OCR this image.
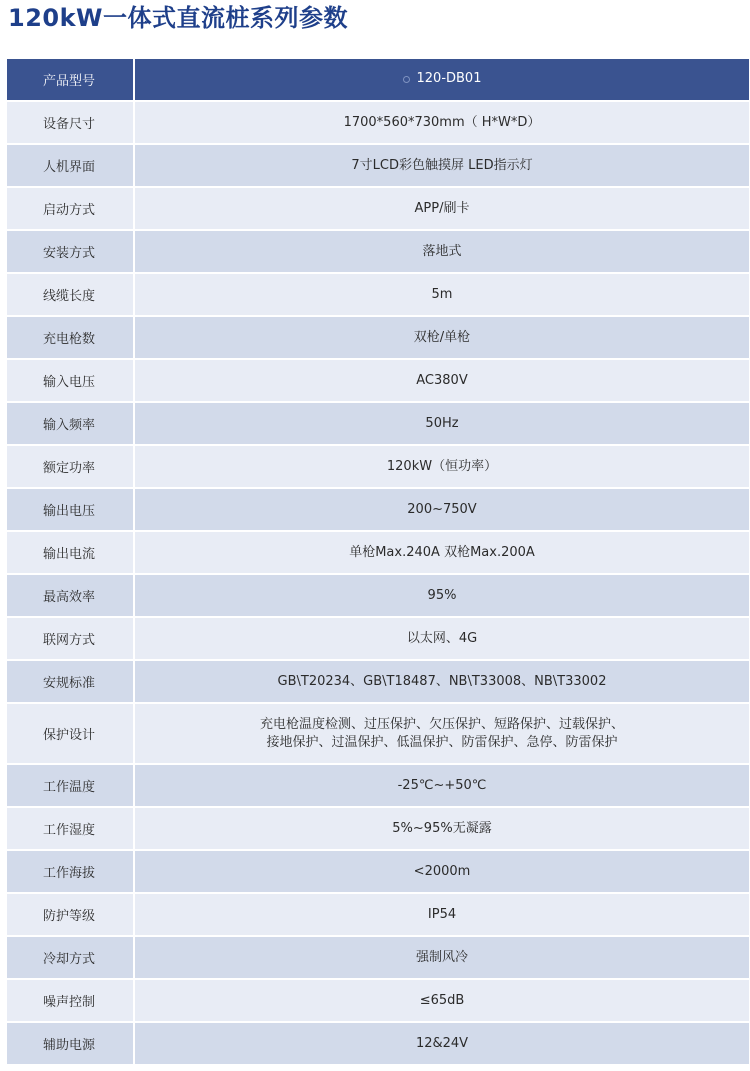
120kW一体式直流桩系列参数
产品型号	120-DB01

设备尺寸	1700*560*730mm（ H*W*D）
人机界面	7寸LCD彩色触摸屏 LED指示灯
启动方式	APP/刷卡
安装方式	落地式
线缆长度	5m
充电枪数	双枪/单枪
输入电压	AC380V
输入频率	50Hz
额定功率	120kW（恒功率）
输出电压	200~750V
输出电流	单枪Max.240A 双枪Max.200A
最高效率	95%
联网方式	以太网、4G
安规标准	GB\T20234、GB\T18487、NB\T33008、NB\T33002
保护设计	充电枪温度检测、过压保护、欠压保护、短路保护、过载保护、
接地保护、过温保护、低温保护、防雷保护、急停、防雷保护

工作温度	-25℃~+50℃
工作湿度	5%~95%无凝露
工作海拔	<2000m
防护等级	IP54
冷却方式	强制风冷
噪声控制	≤65dB
辅助电源	12&24V
